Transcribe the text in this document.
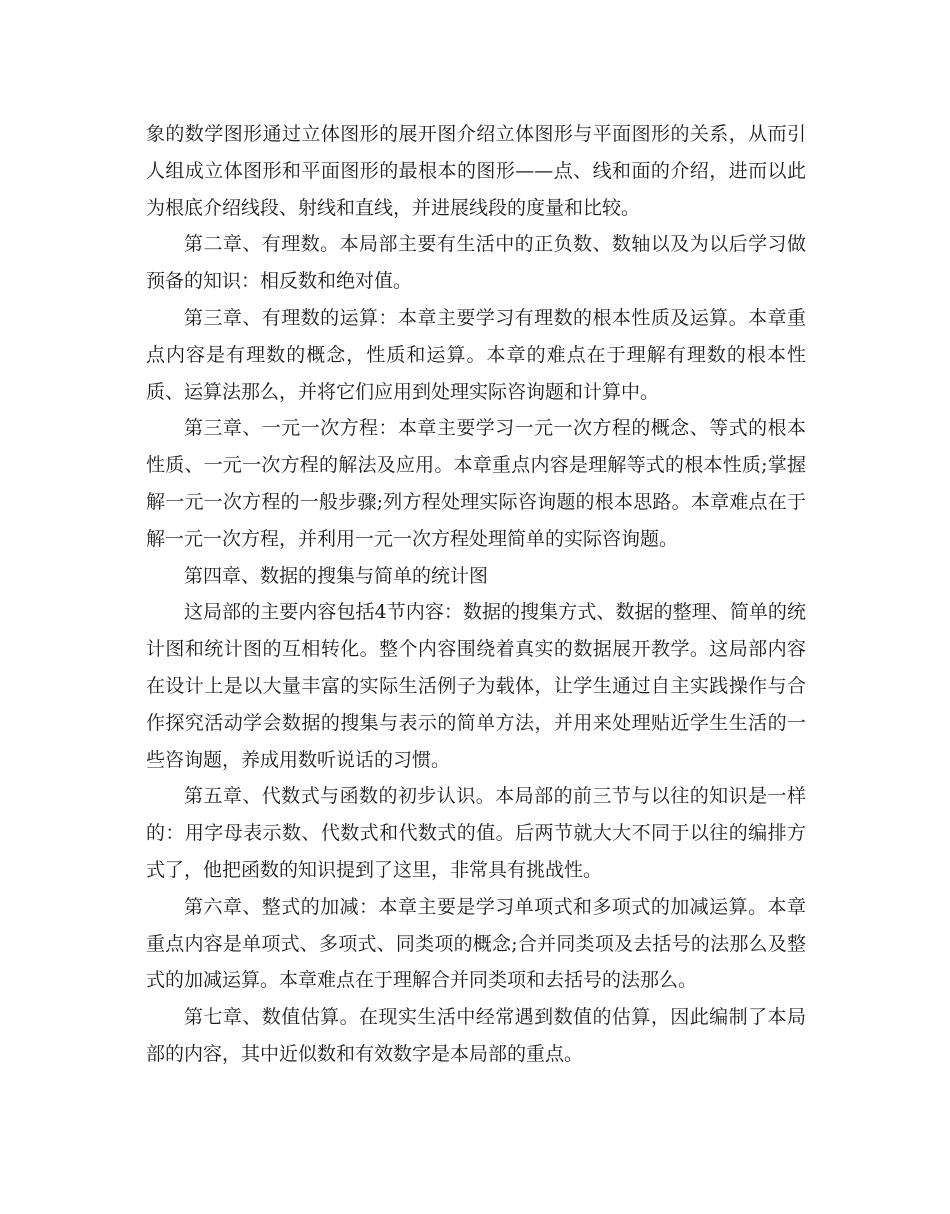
象的数学图形通过立体图形的展开图介绍立体图形与平面图形的关系，从而引人组成立体图形和平面图形的最根本的图形——点、线和面的介绍，进而以此为根底介绍线段、射线和直线，并进展线段的度量和比较。

第二章、有理数。本局部主要有生活中的正负数、数轴以及为以后学习做预备的知识：相反数和绝对值。

第三章、有理数的运算：本章主要学习有理数的根本性质及运算。本章重点内容是有理数的概念，性质和运算。本章的难点在于理解有理数的根本性质、运算法那么，并将它们应用到处理实际咨询题和计算中。

第三章、一元一次方程：本章主要学习一元一次方程的概念、等式的根本性质、一元一次方程的解法及应用。本章重点内容是理解等式的根本性质;掌握解一元一次方程的一般步骤;列方程处理实际咨询题的根本思路。本章难点在于解一元一次方程，并利用一元一次方程处理简单的实际咨询题。

第四章、数据的搜集与简单的统计图

这局部的主要内容包括4节内容：数据的搜集方式、数据的整理、简单的统计图和统计图的互相转化。整个内容围绕着真实的数据展开教学。这局部内容在设计上是以大量丰富的实际生活例子为载体，让学生通过自主实践操作与合作探究活动学会数据的搜集与表示的简单方法，并用来处理贴近学生生活的一些咨询题，养成用数听说话的习惯。

第五章、代数式与函数的初步认识。本局部的前三节与以往的知识是一样的：用字母表示数、代数式和代数式的值。后两节就大大不同于以往的编排方式了，他把函数的知识提到了这里，非常具有挑战性。

第六章、整式的加减：本章主要是学习单项式和多项式的加减运算。本章重点内容是单项式、多项式、同类项的概念;合并同类项及去括号的法那么及整式的加减运算。本章难点在于理解合并同类项和去括号的法那么。

第七章、数值估算。在现实生活中经常遇到数值的估算，因此编制了本局部的内容，其中近似数和有效数字是本局部的重点。
